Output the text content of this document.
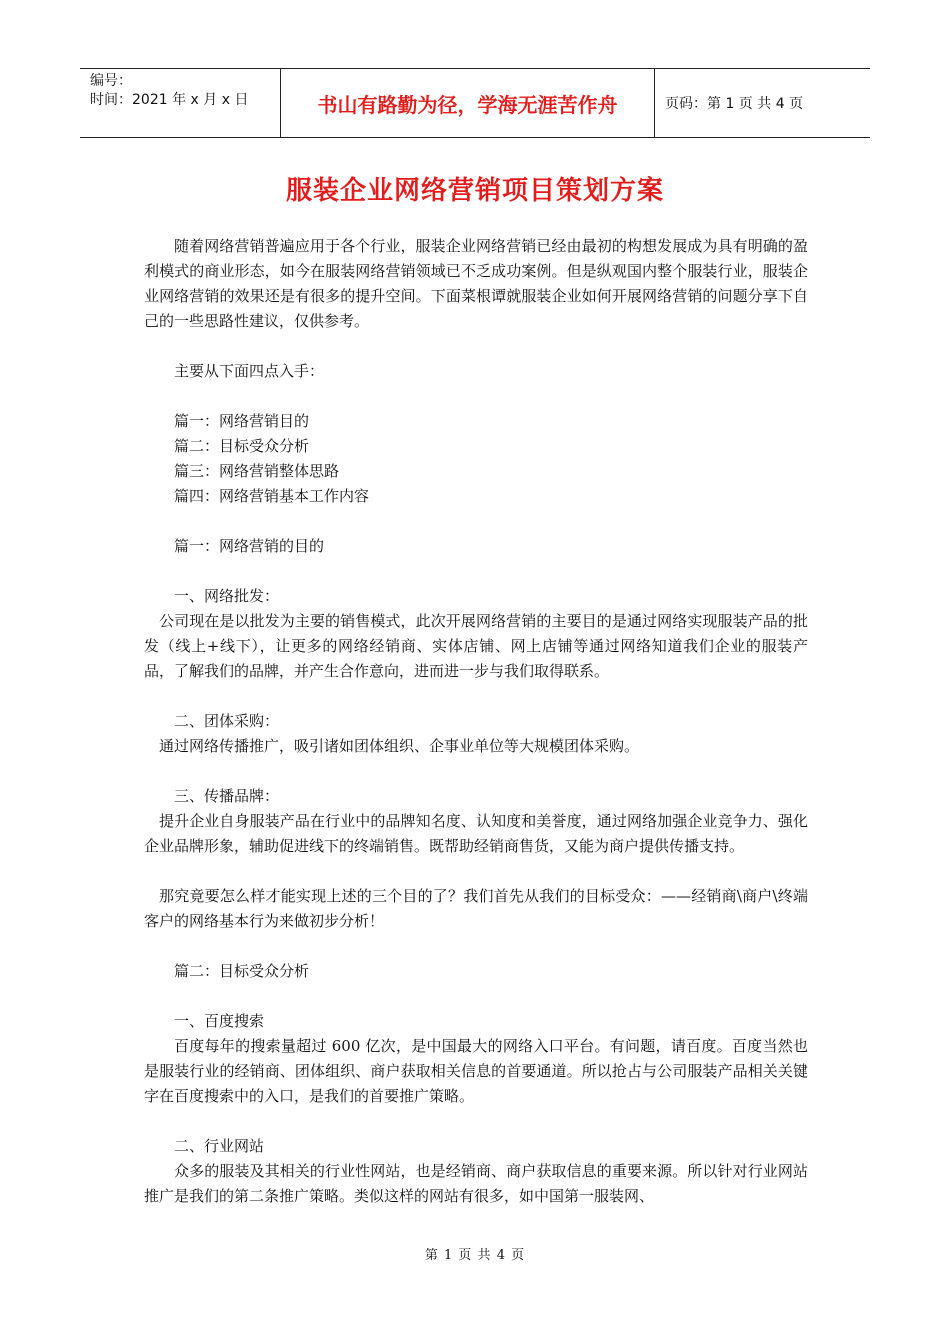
编号：
时间：2021 年 x 月 x 日	书山有路勤为径，学海无涯苦作舟	页码：第 1 页 共 4 页
服装企业网络营销项目策划方案

随着网络营销普遍应用于各个行业，服装企业网络营销已经由最初的构想发展成为具有明确的盈利模式的商业形态，如今在服装网络营销领域已不乏成功案例。但是纵观国内整个服装行业，服装企业网络营销的效果还是有很多的提升空间。下面菜根谭就服装企业如何开展网络营销的问题分享下自己的一些思路性建议，仅供参考。

主要从下面四点入手：

篇一：网络营销目的

篇二：目标受众分析

篇三：网络营销整体思路

篇四：网络营销基本工作内容

篇一：网络营销的目的

一、网络批发：

公司现在是以批发为主要的销售模式，此次开展网络营销的主要目的是通过网络实现服装产品的批发（线上+线下），让更多的网络经销商、实体店铺、网上店铺等通过网络知道我们企业的服装产品，了解我们的品牌，并产生合作意向，进而进一步与我们取得联系。

二、团体采购：

通过网络传播推广，吸引诸如团体组织、企事业单位等大规模团体采购。

三、传播品牌：

提升企业自身服装产品在行业中的品牌知名度、认知度和美誉度，通过网络加强企业竞争力、强化企业品牌形象，辅助促进线下的终端销售。既帮助经销商售货，又能为商户提供传播支持。

那究竟要怎么样才能实现上述的三个目的了？我们首先从我们的目标受众：——经销商\商户\终端客户的网络基本行为来做初步分析！

篇二：目标受众分析

一、百度搜索

百度每年的搜索量超过 600 亿次，是中国最大的网络入口平台。有问题，请百度。百度当然也是服装行业的经销商、团体组织、商户获取相关信息的首要通道。所以抢占与公司服装产品相关关键字在百度搜索中的入口，是我们的首要推广策略。

二、行业网站

众多的服装及其相关的行业性网站，也是经销商、商户获取信息的重要来源。所以针对行业网站推广是我们的第二条推广策略。类似这样的网站有很多，如中国第一服装网、

第 1 页 共 4 页
